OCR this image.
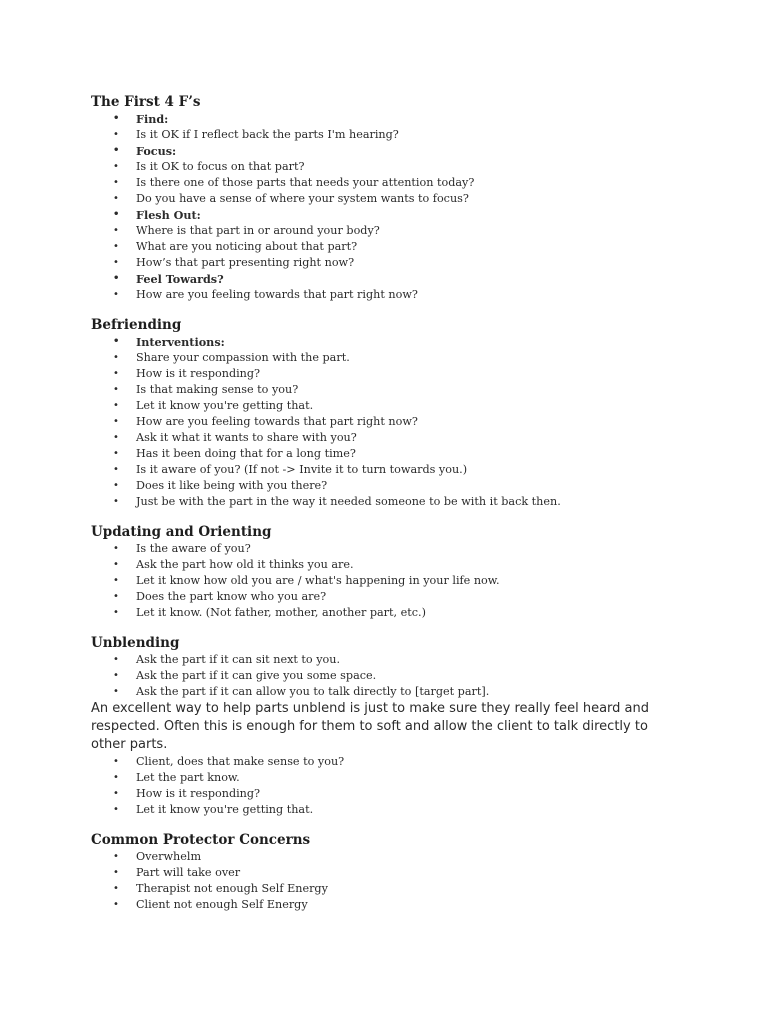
The First 4 F’s
• Find:
• Is it OK if I reflect back the parts I'm hearing?
• Focus:
• Is it OK to focus on that part?
• Is there one of those parts that needs your attention today?
• Do you have a sense of where your system wants to focus?
• Flesh Out:
• Where is that part in or around your body?
• What are you noticing about that part?
• How’s that part presenting right now?
• Feel Towards?
• How are you feeling towards that part right now?
Befriending
• Interventions:
• Share your compassion with the part.
• How is it responding?
• Is that making sense to you?
• Let it know you're getting that.
• How are you feeling towards that part right now?
• Ask it what it wants to share with you?
• Has it been doing that for a long time?
• Is it aware of you? (If not -> Invite it to turn towards you.)
• Does it like being with you there?
• Just be with the part in the way it needed someone to be with it back then.
Updating and Orienting
• Is the aware of you?
• Ask the part how old it thinks you are.
• Let it know how old you are / what's happening in your life now.
• Does the part know who you are?
• Let it know. (Not father, mother, another part, etc.)
Unblending
• Ask the part if it can sit next to you.
• Ask the part if it can give you some space.
• Ask the part if it can allow you to talk directly to [target part].

An excellent way to help parts unblend is just to make sure they really feel heard and respected. Often this is enough for them to soft and allow the client to talk directly to other parts.

• Client, does that make sense to you?
• Let the part know.
• How is it responding?
• Let it know you're getting that.
Common Protector Concerns
• Overwhelm
• Part will take over
• Therapist not enough Self Energy
• Client not enough Self Energy
